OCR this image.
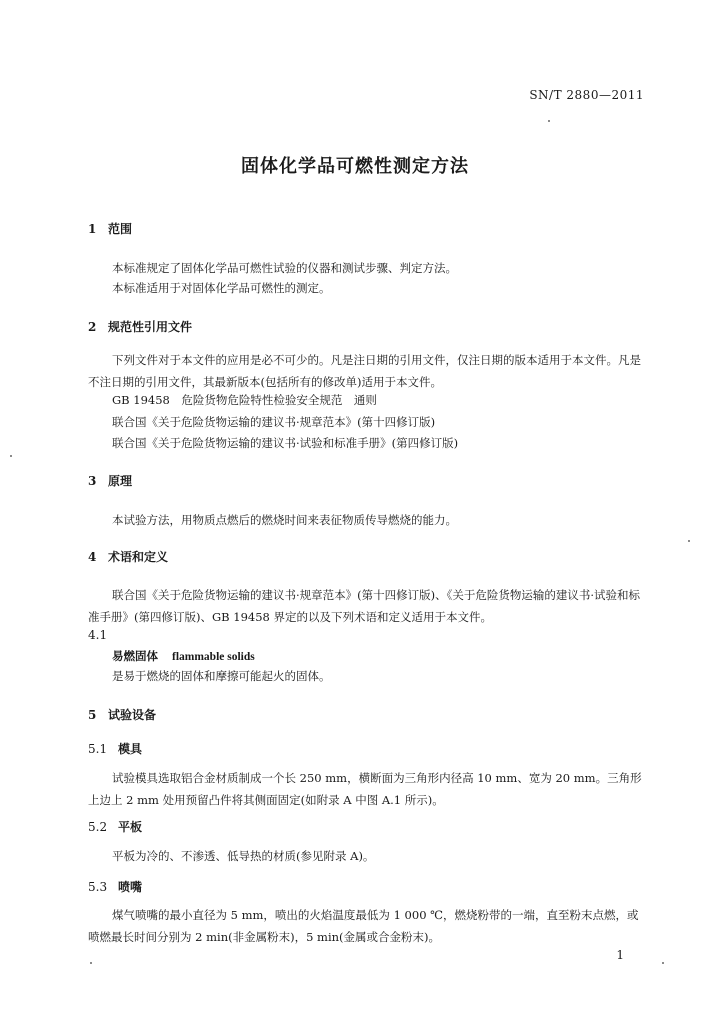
SN/T 2880—2011
固体化学品可燃性测定方法
1 范围
本标准规定了固体化学品可燃性试验的仪器和测试步骤、判定方法。
本标准适用于对固体化学品可燃性的测定。
2 规范性引用文件

下列文件对于本文件的应用是必不可少的。凡是注日期的引用文件，仅注日期的版本适用于本文件。凡是不注日期的引用文件，其最新版本(包括所有的修改单)适用于本文件。

GB 19458　危险货物危险特性检验安全规范　通则
联合国《关于危险货物运输的建议书·规章范本》(第十四修订版)
联合国《关于危险货物运输的建议书·试验和标准手册》(第四修订版)
3 原理
本试验方法，用物质点燃后的燃烧时间来表征物质传导燃烧的能力。
4 术语和定义

联合国《关于危险货物运输的建议书·规章范本》(第十四修订版)、《关于危险货物运输的建议书·试验和标准手册》(第四修订版)、GB 19458 界定的以及下列术语和定义适用于本文件。

4.1
易燃固体 flammable solids
是易于燃烧的固体和摩擦可能起火的固体。
5 试验设备
5.1 模具

试验模具选取铝合金材质制成一个长 250 mm，横断面为三角形内径高 10 mm、宽为 20 mm。三角形上边上 2 mm 处用预留凸件将其侧面固定(如附录 A 中图 A.1 所示)。

5.2 平板
平板为冷的、不渗透、低导热的材质(参见附录 A)。
5.3 喷嘴

煤气喷嘴的最小直径为 5 mm，喷出的火焰温度最低为 1 000 ℃，燃烧粉带的一端，直至粉末点燃，或喷燃最长时间分别为 2 min(非金属粉末)，5 min(金属或合金粉末)。

1
